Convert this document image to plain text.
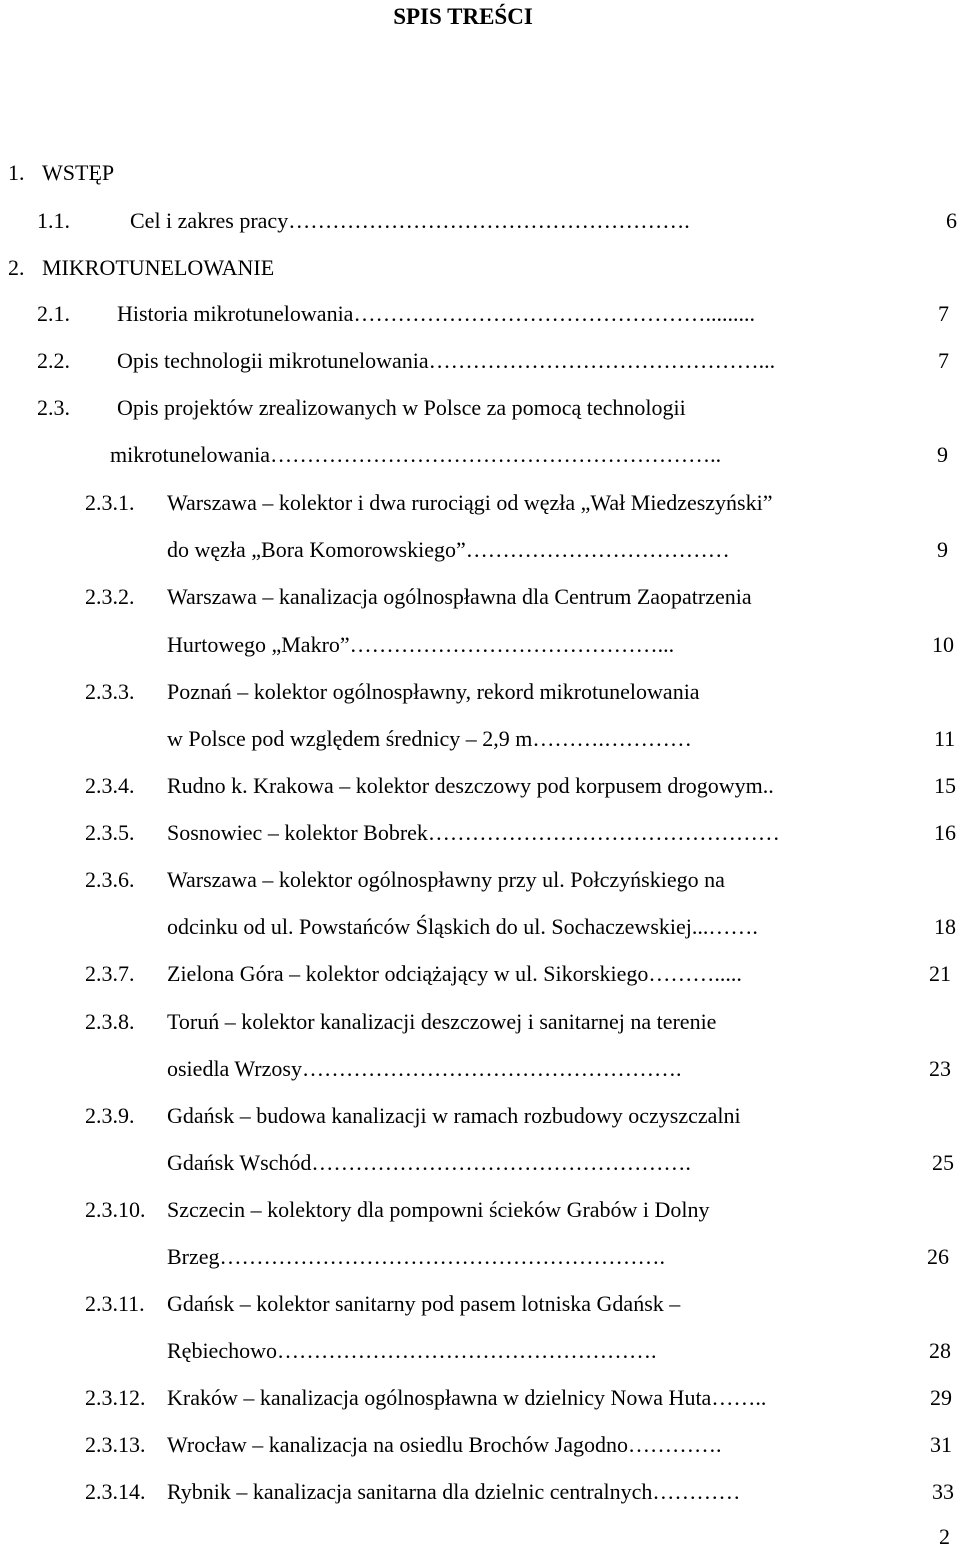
SPIS TREŚCI
1. WSTĘP
1.1.	Cel i zakres pracy……………………………………………….	6
2. MIKROTUNELOWANIE
2.1. Historia mikrotunelowania………………………………………….........	7
2.2. Opis technologii mikrotunelowania………………………………………...	7
2.3. Opis projektów zrealizowanych w Polsce za pomocą technologii
mikrotunelowania……………………………………………………..	9
2.3.1. Warszawa – kolektor i dwa rurociągi od węzła „Wał Miedzeszyński”
do węzła „Bora Komorowskiego”………………………………	9
2.3.2. Warszawa – kanalizacja ogólnospławna dla Centrum Zaopatrzenia
Hurtowego „Makro”……………………………………...	10
2.3.3. Poznań – kolektor ogólnospławny, rekord mikrotunelowania
w Polsce pod względem średnicy – 2,9 m……….…………	11
2.3.4. Rudno k. Krakowa – kolektor deszczowy pod korpusem drogowym..	15
2.3.5. Sosnowiec – kolektor Bobrek…………………………………………	16
2.3.6. Warszawa – kolektor ogólnospławny przy ul. Połczyńskiego na
odcinku od ul. Powstańców Śląskich do ul. Sochaczewskiej...…….	18
2.3.7. Zielona Góra – kolektor odciążający w ul. Sikorskiego……….....	21
2.3.8. Toruń – kolektor kanalizacji deszczowej i sanitarnej na terenie
osiedla Wrzosy…………………………………………….	23
2.3.9. Gdańsk – budowa kanalizacji w ramach rozbudowy oczyszczalni
Gdańsk Wschód…………………………………………….	25
2.3.10. Szczecin – kolektory dla pompowni ścieków Grabów i Dolny
Brzeg…………………………………………………….	26
2.3.11. Gdańsk – kolektor sanitarny pod pasem lotniska Gdańsk –
Rębiechowo…………………………………………….	28
2.3.12. Kraków – kanalizacja ogólnospławna w dzielnicy Nowa Huta……..	29
2.3.13. Wrocław – kanalizacja na osiedlu Brochów Jagodno………….	31
2.3.14. Rybnik – kanalizacja sanitarna dla dzielnic centralnych…………	33
2
